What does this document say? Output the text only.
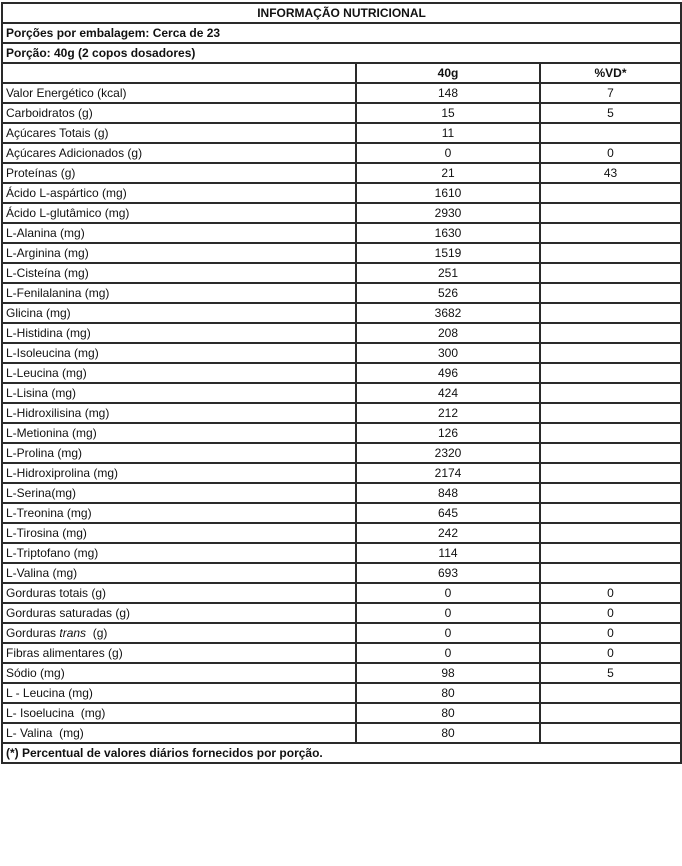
INFORMAÇÃO NUTRICIONAL		
Porções por embalagem: Cerca de 23		
Porção: 40g (2 copos dosadores)		
	40g	%VD*
Valor Energético (kcal)	148	7
Carboidratos (g)	15	5
Açúcares Totais (g)	11	
Açúcares Adicionados (g)	0	0
Proteínas (g)	21	43
Ácido L-aspártico (mg)	1610	
Ácido L-glutâmico (mg)	2930	
L-Alanina (mg)	1630	
L-Arginina (mg)	1519	
L-Cisteína (mg)	251	
L-Fenilalanina (mg)	526	
Glicina (mg)	3682	
L-Histidina (mg)	208	
L-Isoleucina (mg)	300	
L-Leucina (mg)	496	
L-Lisina (mg)	424	
L-Hidroxilisina (mg)	212	
L-Metionina (mg)	126	
L-Prolina (mg)	2320	
L-Hidroxiprolina (mg)	2174	
L-Serina(mg)	848	
L-Treonina (mg)	645	
L-Tirosina (mg)	242	
L-Triptofano (mg)	114	
L-Valina (mg)	693	
Gorduras totais (g)	0	0
Gorduras saturadas (g)	0	0
Gorduras trans  (g)	0	0
Fibras alimentares (g)	0	0
Sódio (mg)	98	5
L - Leucina (mg)	80	
L- Isoelucina  (mg)	80	
L- Valina  (mg)	80	
(*) Percentual de valores diários fornecidos por porção.		
